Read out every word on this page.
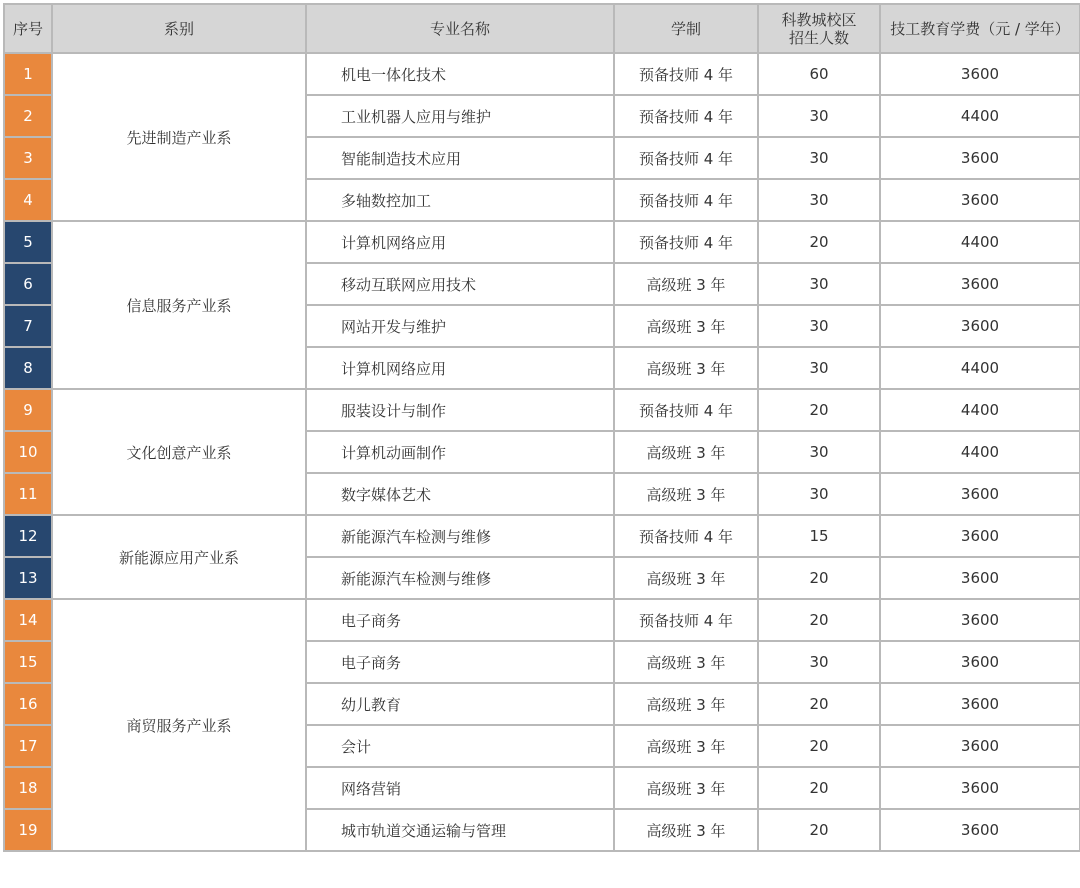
序号	系别	专业名称	学制	科教城校区招生人数	技工教育学费（元 / 学年）
1	先进制造产业系	机电一体化技术	预备技师 4 年	60	3600
2		工业机器人应用与维护	预备技师 4 年	30	4400
3		智能制造技术应用	预备技师 4 年	30	3600
4		多轴数控加工	预备技师 4 年	30	3600
5	信息服务产业系	计算机网络应用	预备技师 4 年	20	4400
6		移动互联网应用技术	高级班 3 年	30	3600
7		网站开发与维护	高级班 3 年	30	3600
8		计算机网络应用	高级班 3 年	30	4400
9	文化创意产业系	服装设计与制作	预备技师 4 年	20	4400
10		计算机动画制作	高级班 3 年	30	4400
11		数字媒体艺术	高级班 3 年	30	3600
12	新能源应用产业系	新能源汽车检测与维修	预备技师 4 年	15	3600
13		新能源汽车检测与维修	高级班 3 年	20	3600
14	商贸服务产业系	电子商务	预备技师 4 年	20	3600
15		电子商务	高级班 3 年	30	3600
16		幼儿教育	高级班 3 年	20	3600
17		会计	高级班 3 年	20	3600
18		网络营销	高级班 3 年	20	3600
19		城市轨道交通运输与管理	高级班 3 年	20	3600
